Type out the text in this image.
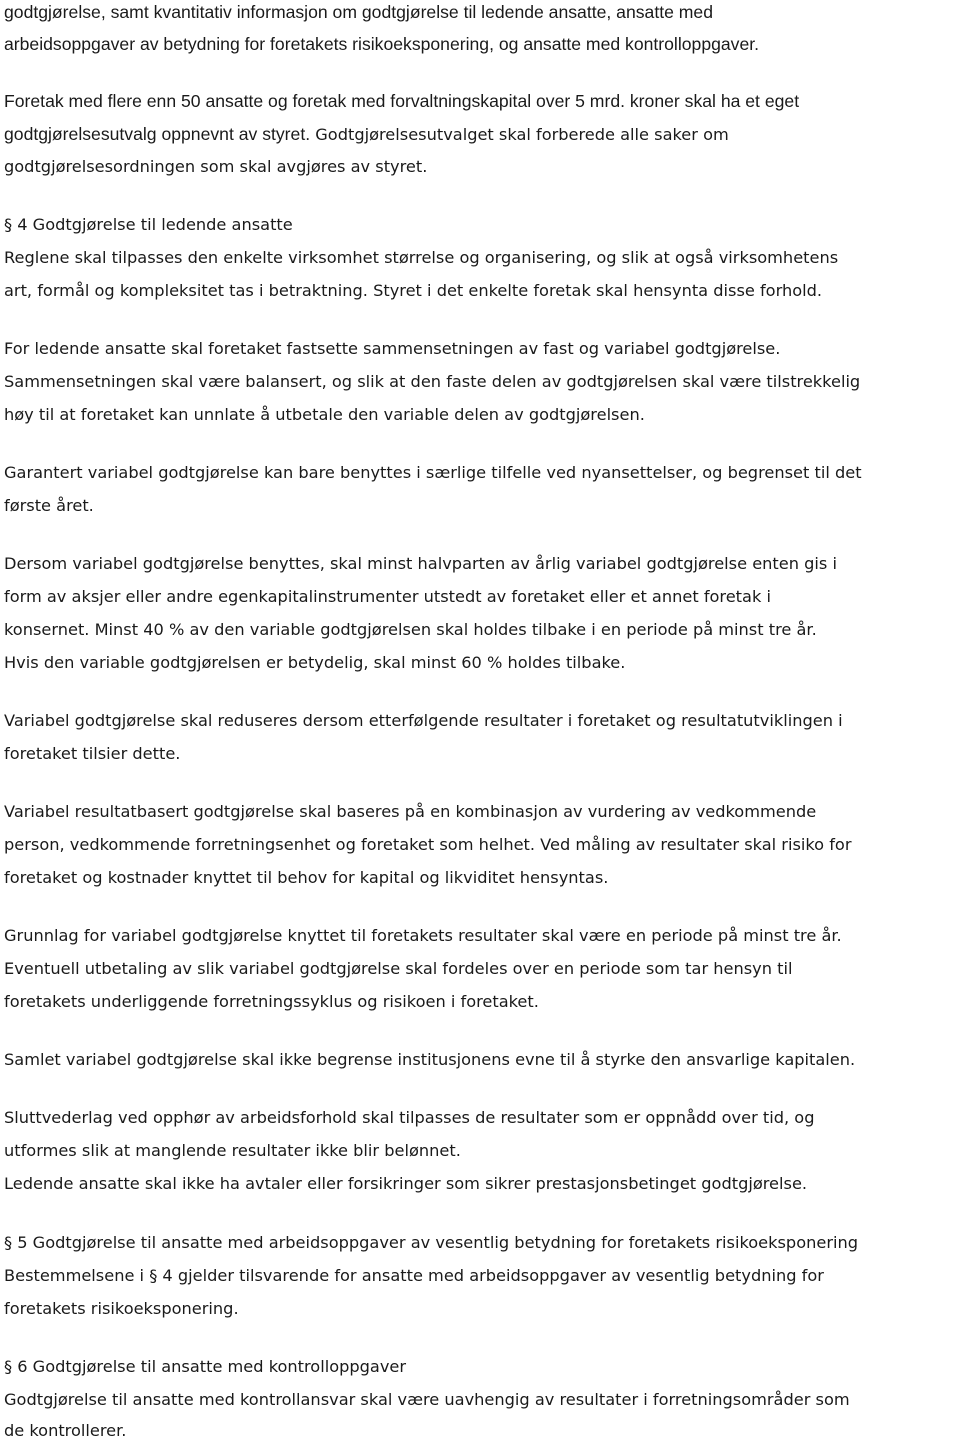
godtgjørelse, samt kvantitativ informasjon om godtgjørelse til ledende ansatte, ansatte med
arbeidsoppgaver av betydning for foretakets risikoeksponering, og ansatte med kontrolloppgaver.
Foretak med flere enn 50 ansatte og foretak med forvaltningskapital over 5 mrd. kroner skal ha et eget
godtgjørelsesutvalg oppnevnt av styret. Godtgjørelsesutvalget skal forberede alle saker om
godtgjørelsesordningen som skal avgjøres av styret.
§ 4 Godtgjørelse til ledende ansatte
Reglene skal tilpasses den enkelte virksomhet størrelse og organisering, og slik at også virksomhetens
art, formål og kompleksitet tas i betraktning. Styret i det enkelte foretak skal hensynta disse forhold.
For ledende ansatte skal foretaket fastsette sammensetningen av fast og variabel godtgjørelse.
Sammensetningen skal være balansert, og slik at den faste delen av godtgjørelsen skal være tilstrekkelig
høy til at foretaket kan unnlate å utbetale den variable delen av godtgjørelsen.
Garantert variabel godtgjørelse kan bare benyttes i særlige tilfelle ved nyansettelser, og begrenset til det
første året.
Dersom variabel godtgjørelse benyttes, skal minst halvparten av årlig variabel godtgjørelse enten gis i
form av aksjer eller andre egenkapitalinstrumenter utstedt av foretaket eller et annet foretak i
konsernet. Minst 40 % av den variable godtgjørelsen skal holdes tilbake i en periode på minst tre år.
Hvis den variable godtgjørelsen er betydelig, skal minst 60 % holdes tilbake.
Variabel godtgjørelse skal reduseres dersom etterfølgende resultater i foretaket og resultatutviklingen i
foretaket tilsier dette.
Variabel resultatbasert godtgjørelse skal baseres på en kombinasjon av vurdering av vedkommende
person, vedkommende forretningsenhet og foretaket som helhet. Ved måling av resultater skal risiko for
foretaket og kostnader knyttet til behov for kapital og likviditet hensyntas.
Grunnlag for variabel godtgjørelse knyttet til foretakets resultater skal være en periode på minst tre år.
Eventuell utbetaling av slik variabel godtgjørelse skal fordeles over en periode som tar hensyn til
foretakets underliggende forretningssyklus og risikoen i foretaket.
Samlet variabel godtgjørelse skal ikke begrense institusjonens evne til å styrke den ansvarlige kapitalen.
Sluttvederlag ved opphør av arbeidsforhold skal tilpasses de resultater som er oppnådd over tid, og
utformes slik at manglende resultater ikke blir belønnet.
Ledende ansatte skal ikke ha avtaler eller forsikringer som sikrer prestasjonsbetinget godtgjørelse.
§ 5 Godtgjørelse til ansatte med arbeidsoppgaver av vesentlig betydning for foretakets risikoeksponering
Bestemmelsene i § 4 gjelder tilsvarende for ansatte med arbeidsoppgaver av vesentlig betydning for
foretakets risikoeksponering.
§ 6 Godtgjørelse til ansatte med kontrolloppgaver
Godtgjørelse til ansatte med kontrollansvar skal være uavhengig av resultater i forretningsområder som
de kontrollerer.
